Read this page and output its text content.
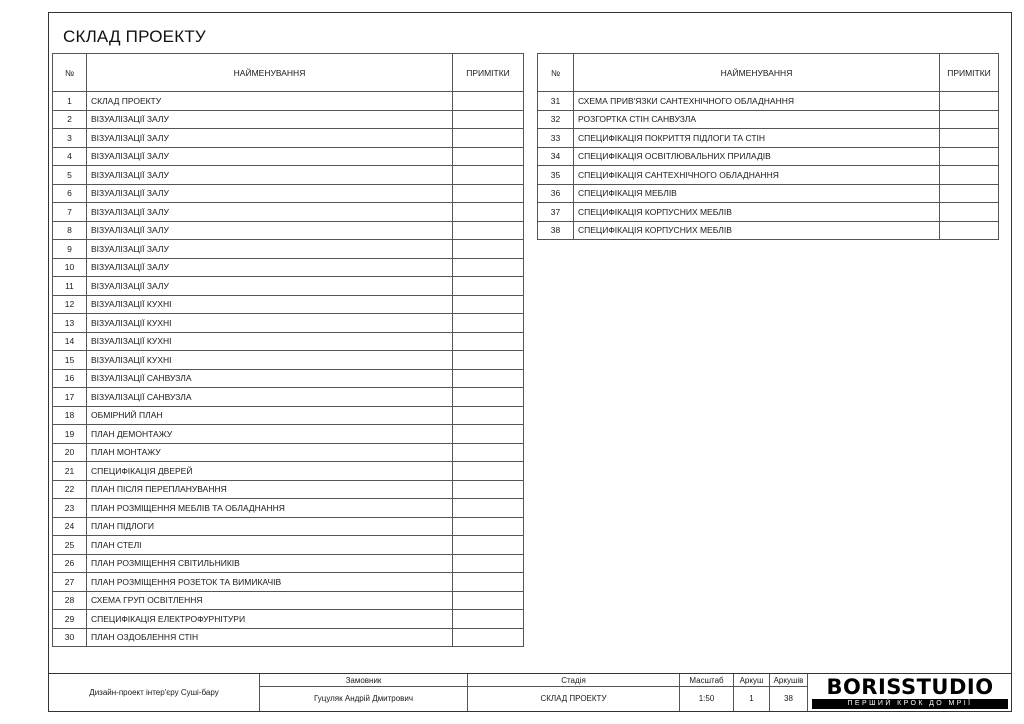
СКЛАД ПРОЕКТУ
№	НАЙМЕНУВАННЯ	ПРИМІТКИ
1	СКЛАД ПРОЕКТУ	
2	ВІЗУАЛІЗАЦІЇ ЗАЛУ	
3	ВІЗУАЛІЗАЦІЇ ЗАЛУ	
4	ВІЗУАЛІЗАЦІЇ ЗАЛУ	
5	ВІЗУАЛІЗАЦІЇ ЗАЛУ	
6	ВІЗУАЛІЗАЦІЇ ЗАЛУ	
7	ВІЗУАЛІЗАЦІЇ ЗАЛУ	
8	ВІЗУАЛІЗАЦІЇ ЗАЛУ	
9	ВІЗУАЛІЗАЦІЇ ЗАЛУ	
10	ВІЗУАЛІЗАЦІЇ ЗАЛУ	
11	ВІЗУАЛІЗАЦІЇ ЗАЛУ	
12	ВІЗУАЛІЗАЦІЇ КУХНІ	
13	ВІЗУАЛІЗАЦІЇ КУХНІ	
14	ВІЗУАЛІЗАЦІЇ КУХНІ	
15	ВІЗУАЛІЗАЦІЇ КУХНІ	
16	ВІЗУАЛІЗАЦІЇ САНВУЗЛА	
17	ВІЗУАЛІЗАЦІЇ САНВУЗЛА	
18	ОБМІРНИЙ ПЛАН	
19	ПЛАН ДЕМОНТАЖУ	
20	ПЛАН МОНТАЖУ	
21	СПЕЦИФІКАЦІЯ ДВЕРЕЙ	
22	ПЛАН ПІСЛЯ ПЕРЕПЛАНУВАННЯ	
23	ПЛАН РОЗМІЩЕННЯ МЕБЛІВ ТА ОБЛАДНАННЯ	
24	ПЛАН ПІДЛОГИ	
25	ПЛАН СТЕЛІ	
26	ПЛАН РОЗМІЩЕННЯ СВІТИЛЬНИКІВ	
27	ПЛАН РОЗМІЩЕННЯ РОЗЕТОК ТА ВИМИКАЧІВ	
28	СХЕМА ГРУП ОСВІТЛЕННЯ	
29	СПЕЦИФІКАЦІЯ ЕЛЕКТРОФУРНІТУРИ	
30	ПЛАН ОЗДОБЛЕННЯ СТІН	
№	НАЙМЕНУВАННЯ	ПРИМІТКИ
31	СХЕМА ПРИВ'ЯЗКИ САНТЕХНІЧНОГО ОБЛАДНАННЯ	
32	РОЗГОРТКА СТІН САНВУЗЛА	
33	СПЕЦИФІКАЦІЯ ПОКРИТТЯ ПІДЛОГИ ТА СТІН	
34	СПЕЦИФІКАЦІЯ ОСВІТЛЮВАЛЬНИХ ПРИЛАДІВ	
35	СПЕЦИФІКАЦІЯ САНТЕХНІЧНОГО ОБЛАДНАННЯ	
36	СПЕЦИФІКАЦІЯ МЕБЛІВ	
37	СПЕЦИФІКАЦІЯ КОРПУСНИХ МЕБЛІВ	
38	СПЕЦИФІКАЦІЯ КОРПУСНИХ МЕБЛІВ	
Дизайн-проект інтер'єру Суші-бару
Замовник
Гуцуляк Андрій Дмитрович
Стадія
СКЛАД ПРОЕКТУ
Масштаб
1:50
Аркуш
1
Аркушів
38	BORISSTUDIO
ПЕРШИЙ КРОК ДО МРІЇ
